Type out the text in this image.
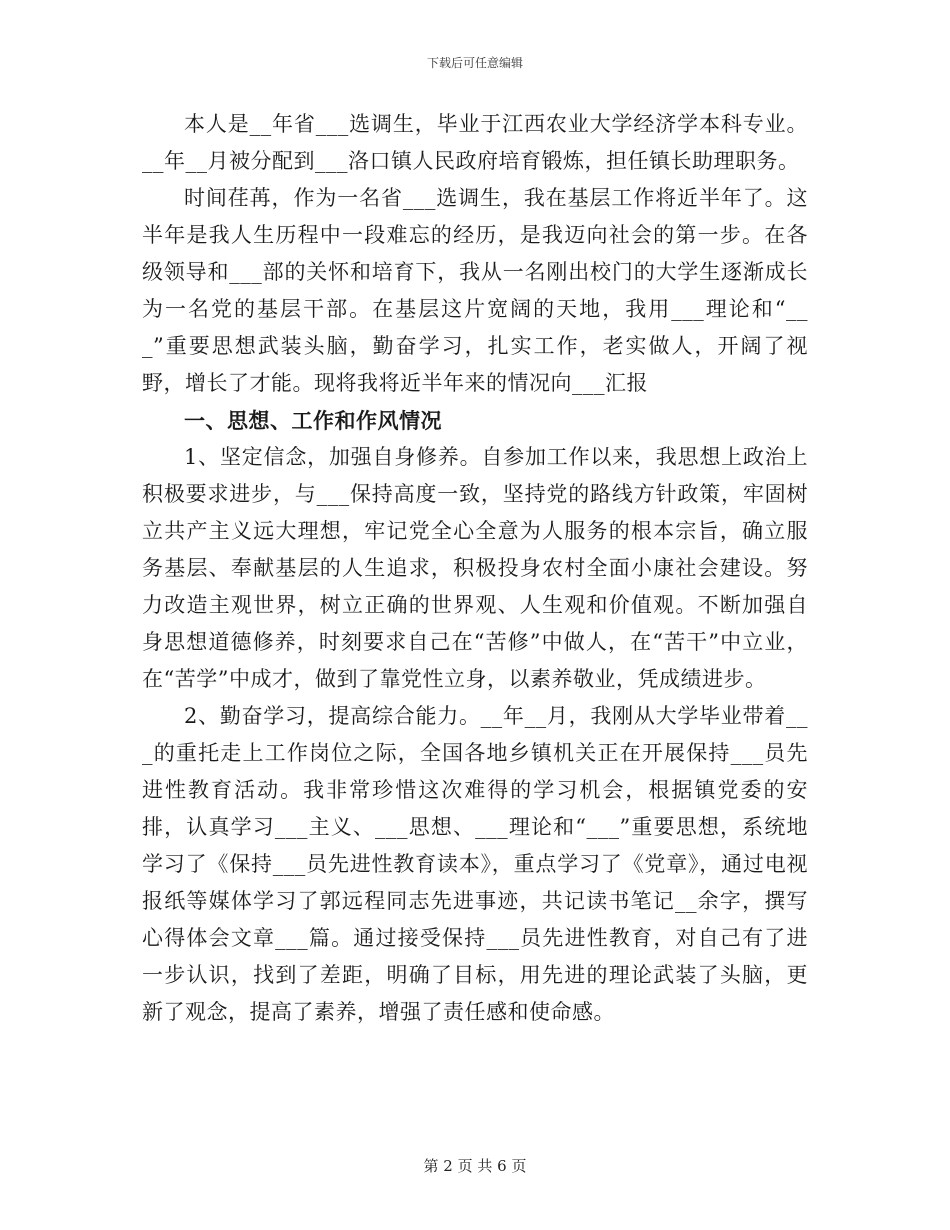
下载后可任意编辑

本人是__年省___选调生，毕业于江西农业大学经济学本科专业。__年__月被分配到___洛口镇人民政府培育锻炼，担任镇长助理职务。

时间荏苒，作为一名省___选调生，我在基层工作将近半年了。这半年是我人生历程中一段难忘的经历，是我迈向社会的第一步。在各级领导和___部的关怀和培育下，我从一名刚出校门的大学生逐渐成长为一名党的基层干部。在基层这片宽阔的天地，我用___理论和“___”重要思想武装头脑，勤奋学习，扎实工作，老实做人，开阔了视野，增长了才能。现将我将近半年来的情况向___汇报

一、思想、工作和作风情况

1、坚定信念，加强自身修养。自参加工作以来，我思想上政治上积极要求进步，与___保持高度一致，坚持党的路线方针政策，牢固树立共产主义远大理想，牢记党全心全意为人服务的根本宗旨，确立服务基层、奉献基层的人生追求，积极投身农村全面小康社会建设。努力改造主观世界，树立正确的世界观、人生观和价值观。不断加强自身思想道德修养，时刻要求自己在“苦修”中做人，在“苦干”中立业，在“苦学”中成才，做到了靠党性立身，以素养敬业，凭成绩进步。

2、勤奋学习，提高综合能力。__年__月，我刚从大学毕业带着___的重托走上工作岗位之际，全国各地乡镇机关正在开展保持___员先进性教育活动。我非常珍惜这次难得的学习机会，根据镇党委的安排，认真学习___主义、___思想、___理论和“___”重要思想，系统地学习了《保持___员先进性教育读本》，重点学习了《党章》，通过电视报纸等媒体学习了郭远程同志先进事迹，共记读书笔记__余字，撰写心得体会文章___篇。通过接受保持___员先进性教育，对自己有了进一步认识，找到了差距，明确了目标，用先进的理论武装了头脑，更新了观念，提高了素养，增强了责任感和使命感。

第 2 页 共 6 页
